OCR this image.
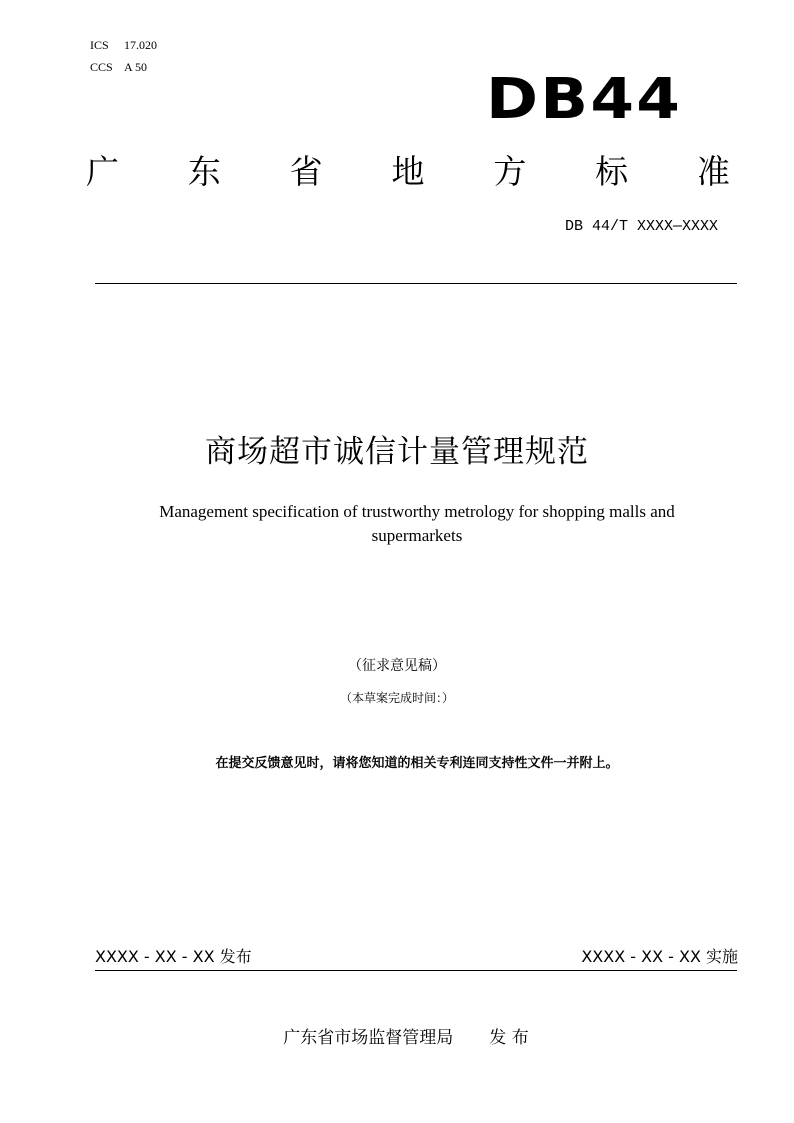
ICS 17.020
CCS A 50	DB44
广 东 省 地 方 标 准
DB 44/T XXXX—XXXX
商场超市诚信计量管理规范
Management specification of trustworthy metrology for shopping malls and supermarkets
（征求意见稿）
（本草案完成时间：）
在提交反馈意见时，请将您知道的相关专利连同支持性文件一并附上。
XXXX - XX - XX 发布	XXXX - XX - XX 实施
广东省市场监督管理局 发 布
